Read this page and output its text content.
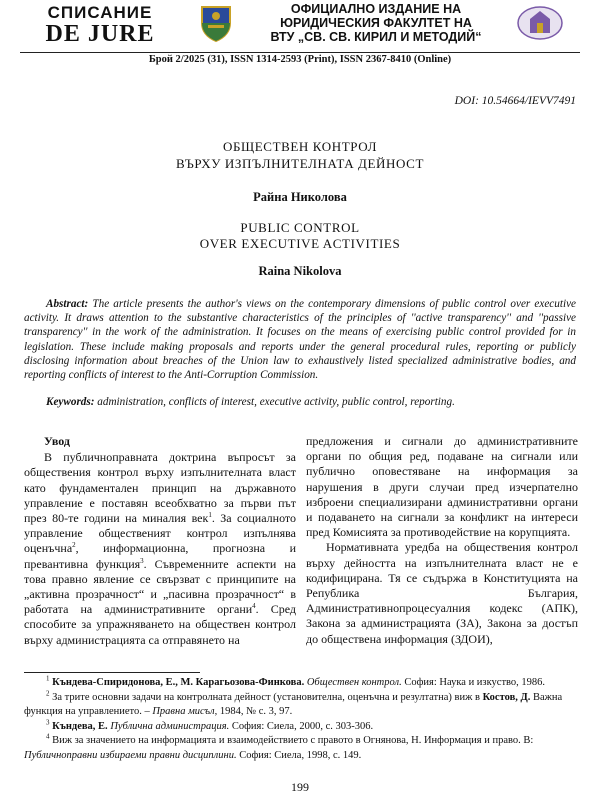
СПИСАНИЕ
DE JURE
ОФИЦИАЛНО ИЗДАНИЕ НА
ЮРИДИЧЕСКИЯ ФАКУЛТЕТ НА
ВТУ „СВ. СВ. КИРИЛ И МЕТОДИЙ“
Брой 2/2025 (31), ISSN 1314-2593 (Print), ISSN 2367-8410 (Online)
DOI: 10.54664/IEVV7491
ОБЩЕСТВЕН КОНТРОЛ
ВЪРХУ ИЗПЪЛНИТЕЛНАТА ДЕЙНОСТ
Райна Николова
PUBLIC CONTROL
OVER EXECUTIVE ACTIVITIES
Raina Nikolova

Abstract: The article presents the author's views on the contemporary dimensions of public control over executive activity. It draws attention to the substantive characteristics of the principles of ''active transparency'' and ''passive transparency'' in the work of the administration. It focuses on the means of exercising public control provided for in legislation. These include making proposals and reports under the general procedural rules, reporting or publicly disclosing information about breaches of the Union law to exhaustively listed specialized administrative bodies, and reporting conflicts of interest to the Anti-Corruption Commission.

Keywords: administration, conflicts of interest, executive activity, public control, reporting.

Увод

В публичноправната доктрина въпросът за обществения контрол върху изпълнителната власт като фундаментален принцип на държавното управление е поставян всеобхватно за първи път през 80-те години на миналия век$^1$. За социалното управление общественият контрол изпълнява оценъчна$^2$, информационна, прогнозна и превантивна функция$^3$. Съвременните аспекти на това правно явление се свързват с принципите на „активна прозрачност“ и „пасивна прозрачност“ в работата на административните органи$^4$. Сред способите за упражняването на обществен контрол върху администрацията са отправянето на

предложения и сигнали до административните органи по общия ред, подаване на сигнали или публично оповестяване на информация за нарушения в други случаи пред изчерпателно изброени специализирани административни органи и подаването на сигнали за конфликт на интереси пред Комисията за противодействие на корупцията.

Нормативната уредба на обществения контрол върху дейността на изпълнителната власт не е кодифицирана. Тя се съдържа в Конституцията на Република България, Административнопроцесуалния кодекс (АПК), Закона за администрацията (ЗА), Закона за достъп до обществена информация (ЗДОИ),

$^1$ Къндева-Спиридонова, Е., М. Карагьозова-Финкова. Обществен контрол. София: Наука и изкуство, 1986.

$^2$ За трите основни задачи на контролната дейност (установителна, оценъчна и резултатна) виж в Костов, Д. Важна функция на управлението. – Правна мисъл, 1984, № с. 3, 97.

$^3$ Къндева, Е. Публична администрация. София: Сиела, 2000, с. 303-306.

$^4$ Виж за значението на информацията и взаимодействието с правото в Огнянова, Н. Информация и право. В: Публичноправни избираеми правни дисциплини. София: Сиела, 1998, с. 149.

199
